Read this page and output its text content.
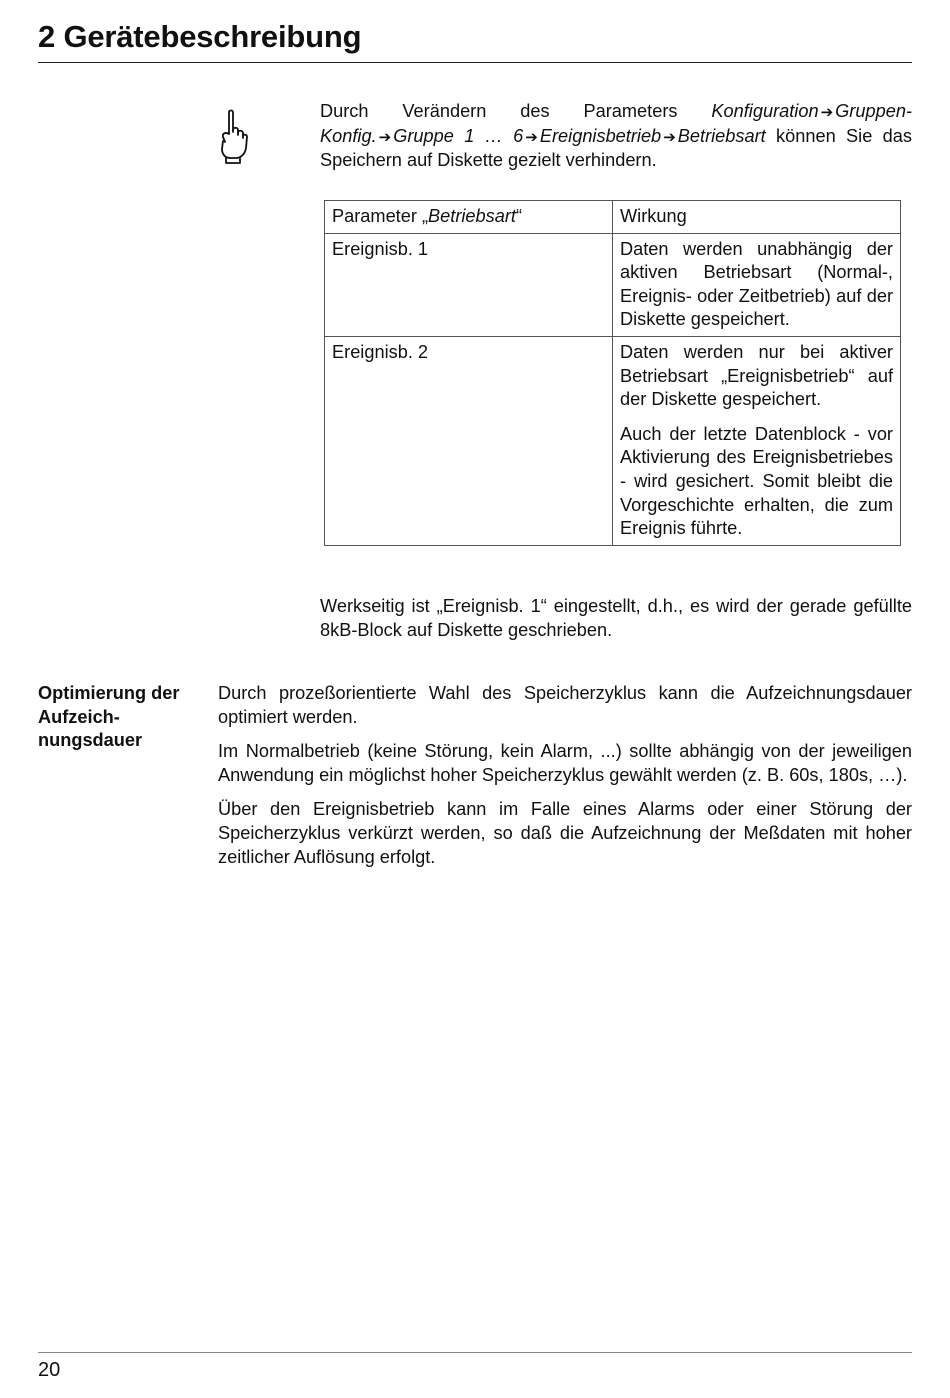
2 Gerätebeschreibung
Durch Verändern des Parameters Konfiguration ➔ Gruppen-Konfig. ➔ Gruppe 1 … 6 ➔ Ereignisbetrieb ➔ Betriebsart können Sie das Speichern auf Diskette gezielt verhindern.
Parameter „Betriebsart“	Wirkung
Ereignisb. 1	Daten werden unabhängig der aktiven Betriebsart (Normal-, Ereignis- oder Zeitbetrieb) auf der Diskette gespeichert.

Ereignisb. 2	Daten werden nur bei aktiver Betriebsart „Ereignisbetrieb“ auf der Diskette gespeichert.

Auch der letzte Datenblock - vor Aktivierung des Ereignisbetriebes - wird gesichert. Somit bleibt die Vorgeschichte erhalten, die zum Ereignis führte.

Werkseitig ist „Ereignisb. 1“ eingestellt, d.h., es wird der gerade gefüllte 8kB-Block auf Diskette geschrieben.
Optimierung der Aufzeichnungsdauer

Durch prozeßorientierte Wahl des Speicherzyklus kann die Aufzeichnungsdauer optimiert werden.

Im Normalbetrieb (keine Störung, kein Alarm, ...) sollte abhängig von der jeweiligen Anwendung ein möglichst hoher Speicherzyklus gewählt werden (z. B. 60s, 180s, …).

Über den Ereignisbetrieb kann im Falle eines Alarms oder einer Störung der Speicherzyklus verkürzt werden, so daß die Aufzeichnung der Meßdaten mit hoher zeitlicher Auflösung erfolgt.

20
